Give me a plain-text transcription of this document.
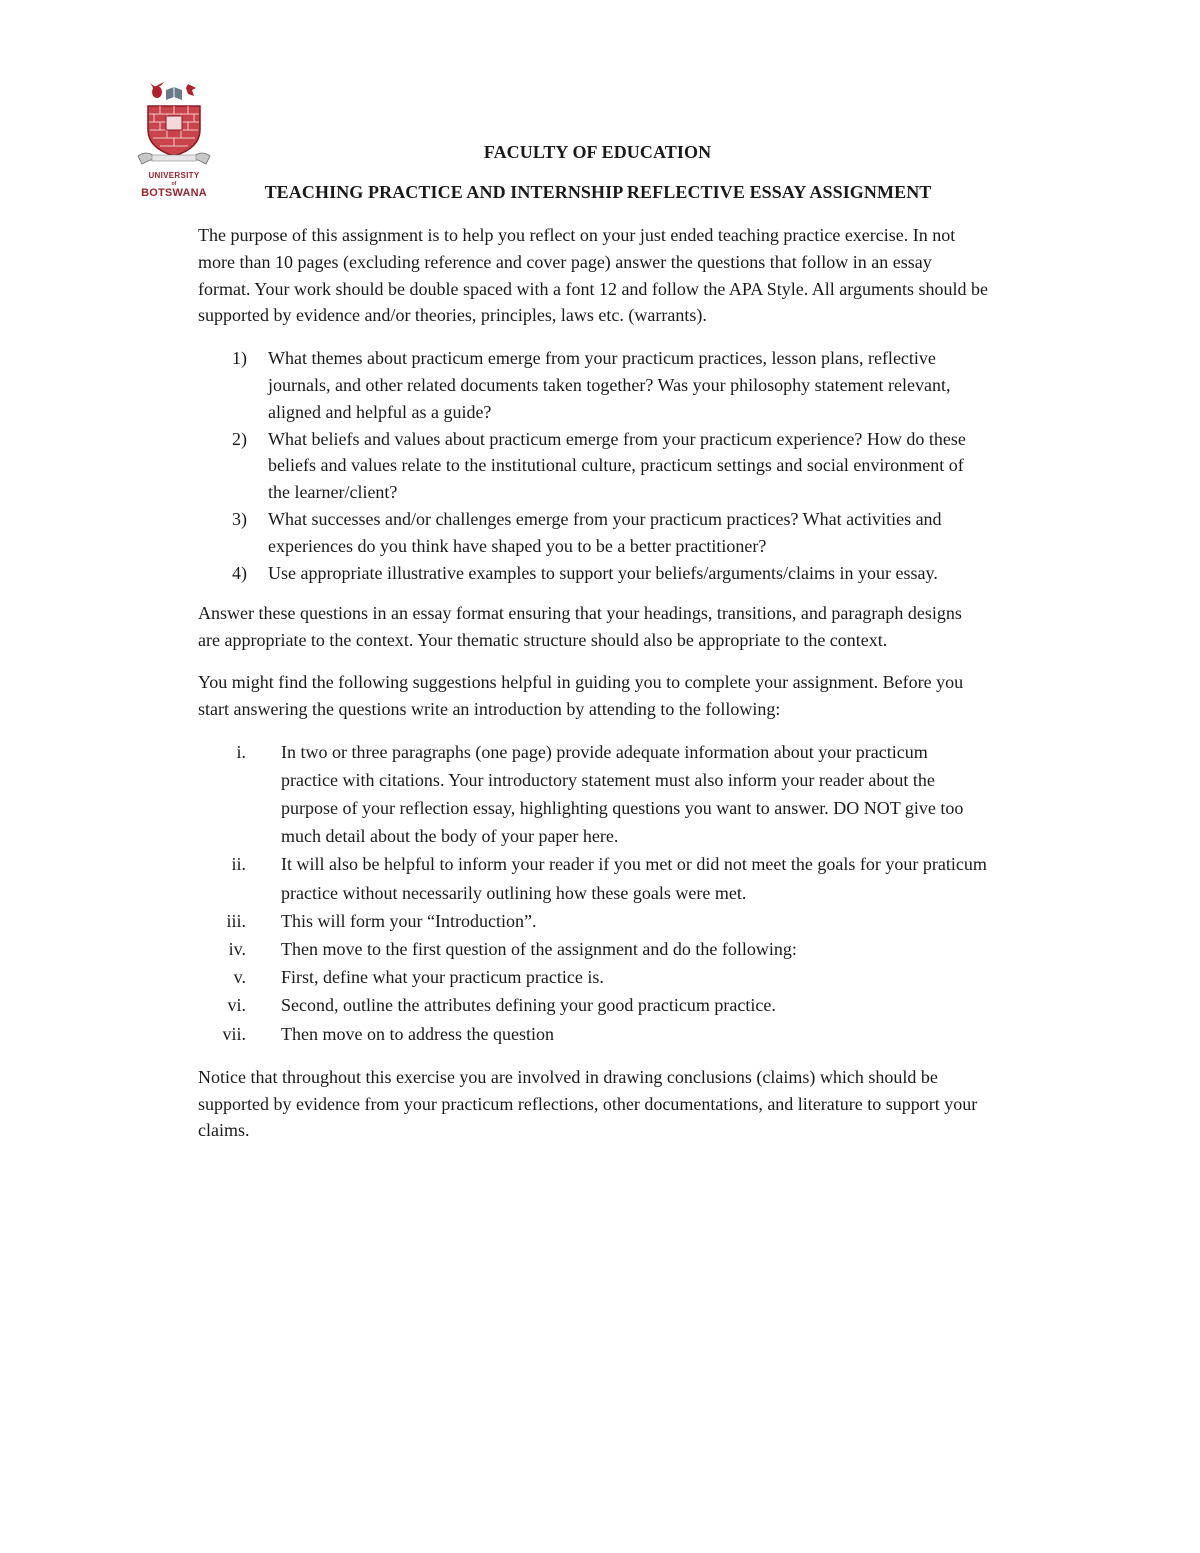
UNIVERSITY
of
BOTSWANA
FACULTY OF EDUCATION
TEACHING PRACTICE AND INTERNSHIP REFLECTIVE ESSAY ASSIGNMENT

The purpose of this assignment is to help you reflect on your just ended teaching practice exercise. In not more than 10 pages (excluding reference and cover page) answer the questions that follow in an essay format. Your work should be double spaced with a font 12 and follow the APA Style. All arguments should be supported by evidence and/or theories, principles, laws etc. (warrants).

1) What themes about practicum emerge from your practicum practices, lesson plans, reflective journals, and other related documents taken together? Was your philosophy statement relevant, aligned and helpful as a guide?
2) What beliefs and values about practicum emerge from your practicum experience? How do these beliefs and values relate to the institutional culture, practicum settings and social environment of the learner/client?
3) What successes and/or challenges emerge from your practicum practices? What activities and experiences do you think have shaped you to be a better practitioner?
4) Use appropriate illustrative examples to support your beliefs/arguments/claims in your essay.

Answer these questions in an essay format ensuring that your headings, transitions, and paragraph designs are appropriate to the context. Your thematic structure should also be appropriate to the context.

You might find the following suggestions helpful in guiding you to complete your assignment. Before you start answering the questions write an introduction by attending to the following:

i. In two or three paragraphs (one page) provide adequate information about your practicum practice with citations. Your introductory statement must also inform your reader about the purpose of your reflection essay, highlighting questions you want to answer. DO NOT give too much detail about the body of your paper here.
ii. It will also be helpful to inform your reader if you met or did not meet the goals for your praticum practice without necessarily outlining how these goals were met.
iii. This will form your “Introduction”.
iv. Then move to the first question of the assignment and do the following:
v. First, define what your practicum practice is.
vi. Second, outline the attributes defining your good practicum practice.
vii. Then move on to address the question

Notice that throughout this exercise you are involved in drawing conclusions (claims) which should be supported by evidence from your practicum reflections, other documentations, and literature to support your claims.
